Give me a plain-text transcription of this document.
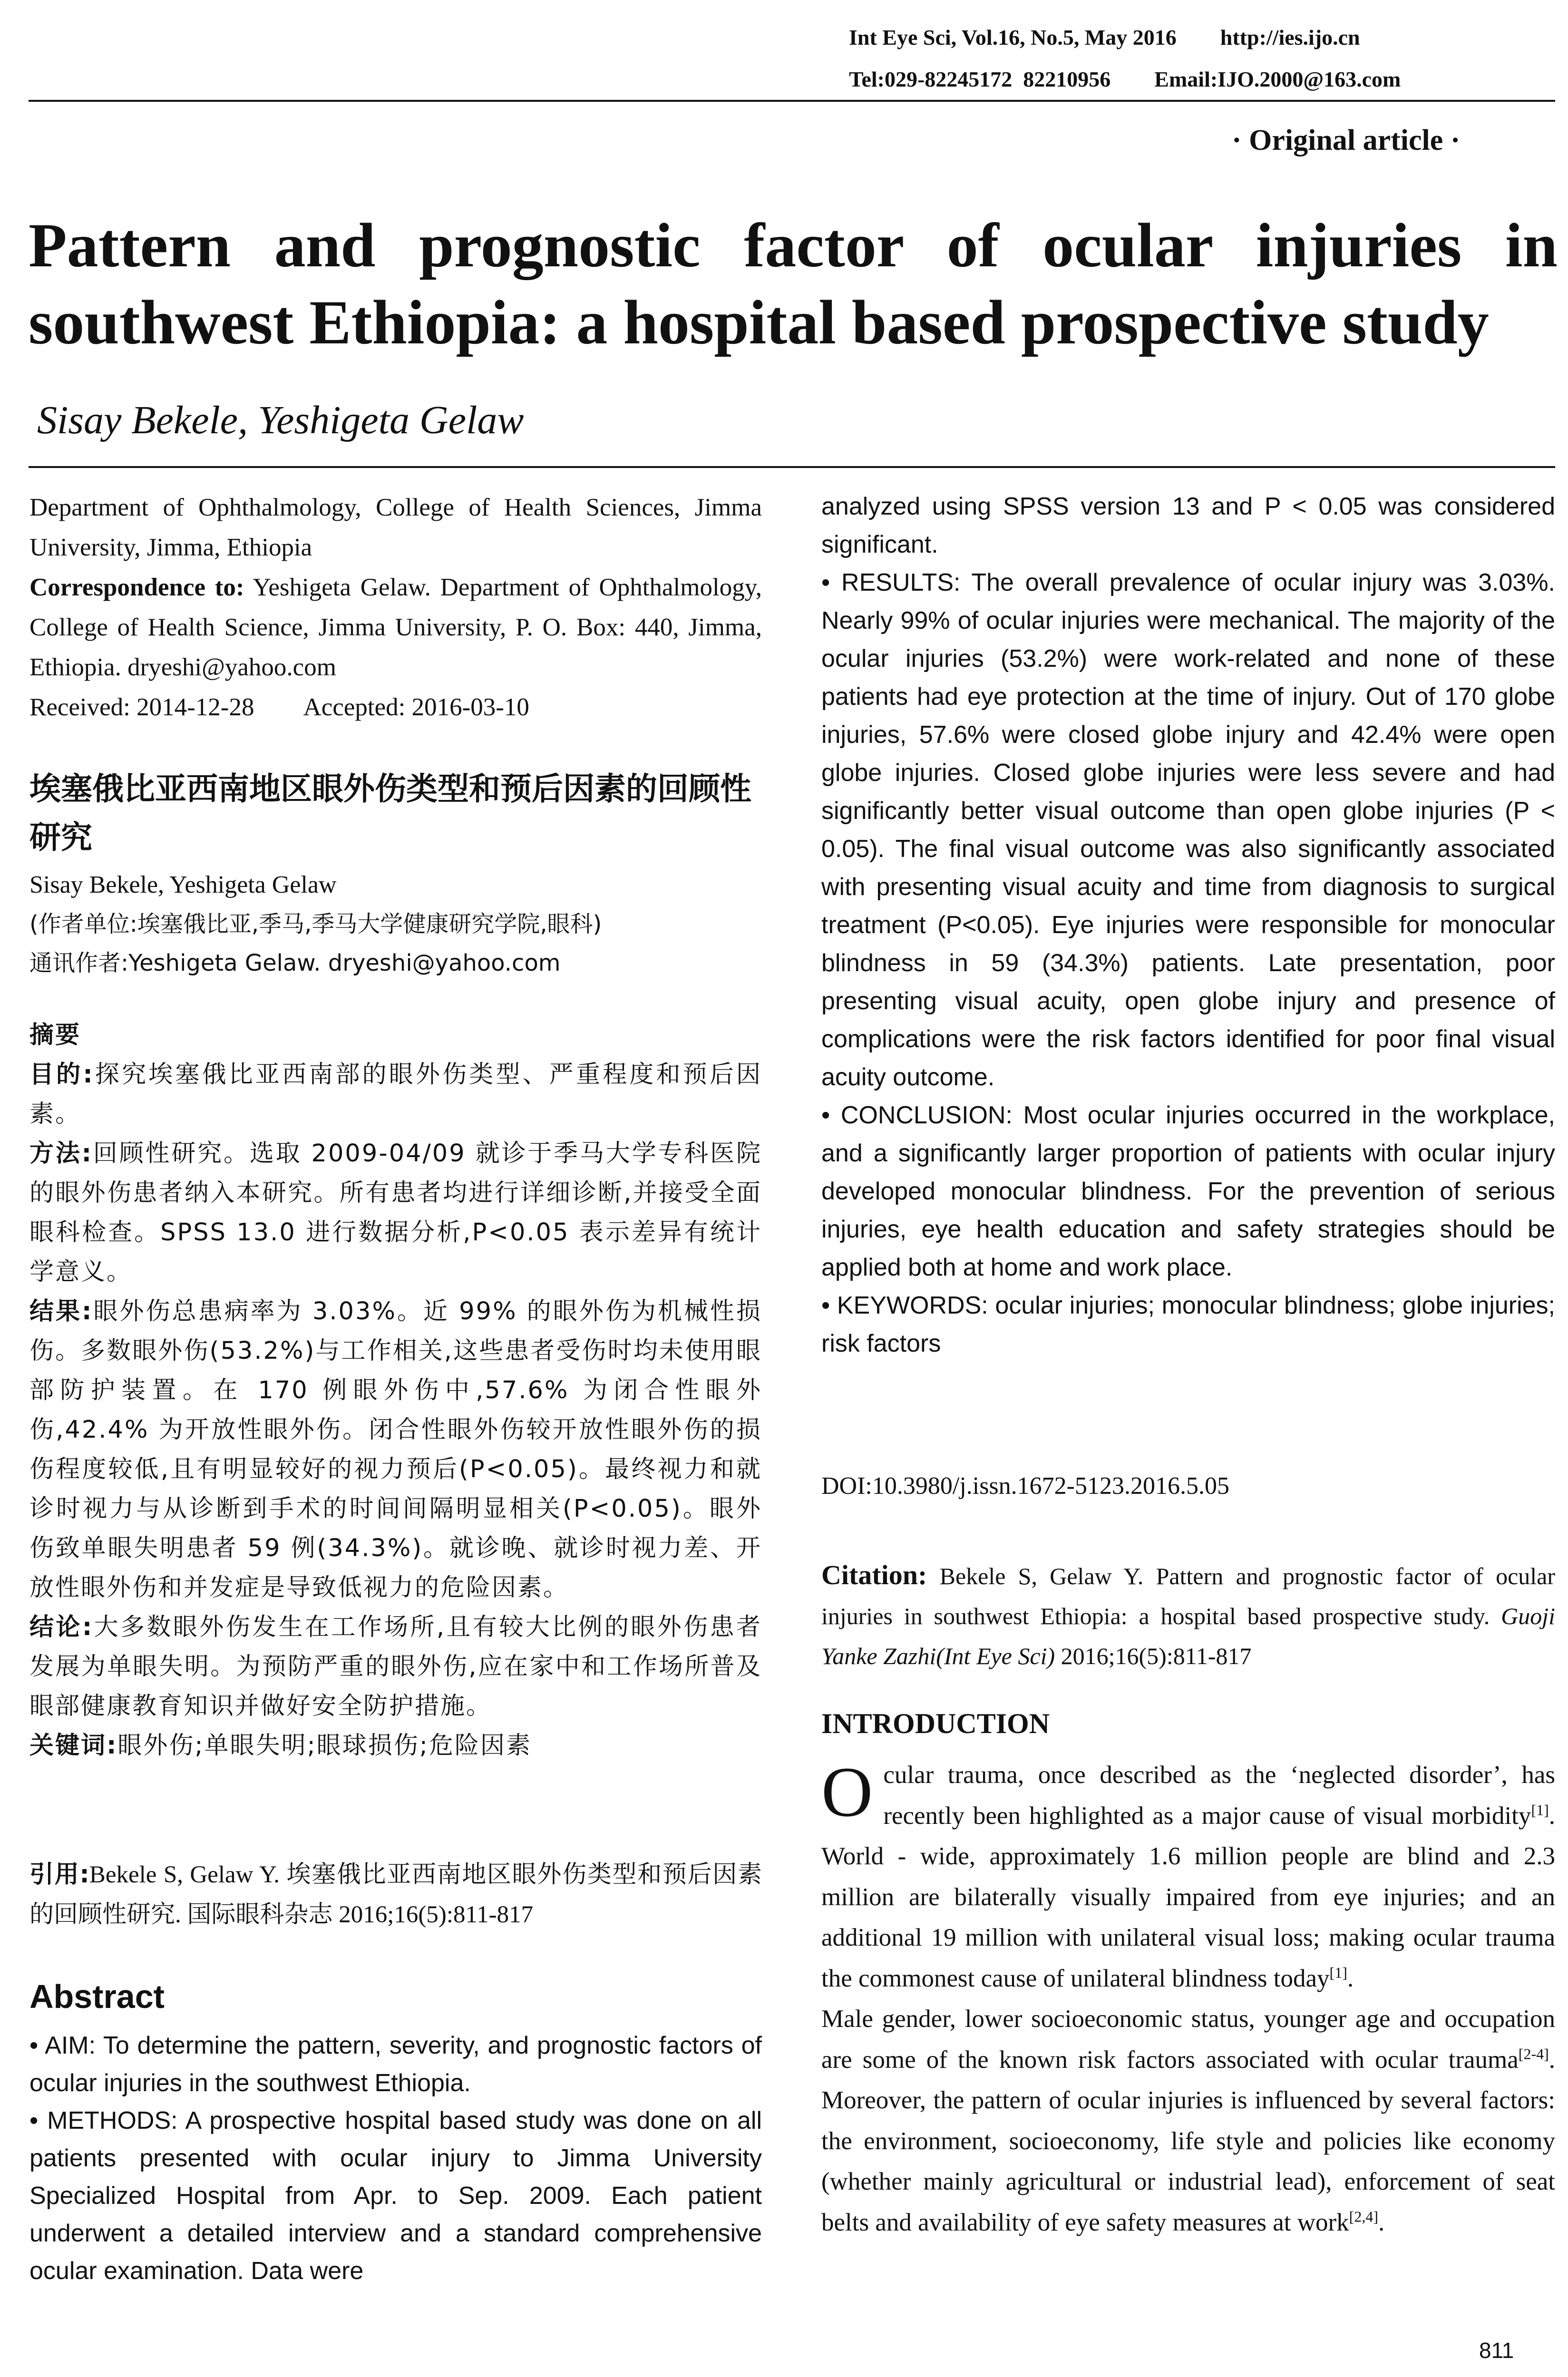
Int Eye Sci, Vol.16, No.5, May 2016        http://ies.ijo.cn
Tel:029-82245172  82210956        Email:IJO.2000@163.com
· Original article ·
Pattern and prognostic factor of ocular injuries in southwest Ethiopia: a hospital based prospective study
Sisay Bekele, Yeshigeta Gelaw

Department of Ophthalmology, College of Health Sciences, Jimma University, Jimma, Ethiopia

Correspondence to: Yeshigeta Gelaw. Department of Ophthalmology, College of Health Science, Jimma University, P. O. Box: 440, Jimma, Ethiopia. dryeshi@yahoo.com

Received: 2014-12-28        Accepted: 2016-03-10

埃塞俄比亚西南地区眼外伤类型和预后因素的回顾性研究

Sisay Bekele, Yeshigeta Gelaw

(作者单位:埃塞俄比亚,季马,季马大学健康研究学院,眼科)

通讯作者:Yeshigeta Gelaw. dryeshi@yahoo.com

摘要

目的:探究埃塞俄比亚西南部的眼外伤类型、严重程度和预后因素。

方法:回顾性研究。选取 2009-04/09 就诊于季马大学专科医院的眼外伤患者纳入本研究。所有患者均进行详细诊断,并接受全面眼科检查。SPSS 13.0 进行数据分析,P<0.05 表示差异有统计学意义。

结果:眼外伤总患病率为 3.03%。近 99% 的眼外伤为机械性损伤。多数眼外伤(53.2%)与工作相关,这些患者受伤时均未使用眼部防护装置。在 170 例眼外伤中,57.6% 为闭合性眼外伤,42.4% 为开放性眼外伤。闭合性眼外伤较开放性眼外伤的损伤程度较低,且有明显较好的视力预后(P<0.05)。最终视力和就诊时视力与从诊断到手术的时间间隔明显相关(P<0.05)。眼外伤致单眼失明患者 59 例(34.3%)。就诊晚、就诊时视力差、开放性眼外伤和并发症是导致低视力的危险因素。

结论:大多数眼外伤发生在工作场所,且有较大比例的眼外伤患者发展为单眼失明。为预防严重的眼外伤,应在家中和工作场所普及眼部健康教育知识并做好安全防护措施。

关键词:眼外伤;单眼失明;眼球损伤;危险因素

引用:Bekele S, Gelaw Y. 埃塞俄比亚西南地区眼外伤类型和预后因素的回顾性研究. 国际眼科杂志 2016;16(5):811-817
Abstract

• AIM: To determine the pattern, severity, and prognostic factors of ocular injuries in the southwest Ethiopia.

• METHODS: A prospective hospital based study was done on all patients presented with ocular injury to Jimma University Specialized Hospital from Apr. to Sep. 2009. Each patient underwent a detailed interview and a standard comprehensive ocular examination. Data were

analyzed using SPSS version 13 and P < 0.05 was considered significant.

• RESULTS: The overall prevalence of ocular injury was 3.03%. Nearly 99% of ocular injuries were mechanical. The majority of the ocular injuries (53.2%) were work-related and none of these patients had eye protection at the time of injury. Out of 170 globe injuries, 57.6% were closed globe injury and 42.4% were open globe injuries. Closed globe injuries were less severe and had significantly better visual outcome than open globe injuries (P < 0.05). The final visual outcome was also significantly associated with presenting visual acuity and time from diagnosis to surgical treatment (P<0.05). Eye injuries were responsible for monocular blindness in 59 (34.3%) patients. Late presentation, poor presenting visual acuity, open globe injury and presence of complications were the risk factors identified for poor final visual acuity outcome.

• CONCLUSION: Most ocular injuries occurred in the workplace, and a significantly larger proportion of patients with ocular injury developed monocular blindness. For the prevention of serious injuries, eye health education and safety strategies should be applied both at home and work place.

• KEYWORDS: ocular injuries; monocular blindness; globe injuries; risk factors

DOI:10.3980/j.issn.1672-5123.2016.5.05
Citation: Bekele S, Gelaw Y. Pattern and prognostic factor of ocular injuries in southwest Ethiopia: a hospital based prospective study. Guoji Yanke Zazhi(Int Eye Sci) 2016;16(5):811-817
INTRODUCTION

Ocular trauma, once described as the ‘neglected disorder’, has recently been highlighted as a major cause of visual morbidity[1]. World - wide, approximately 1.6 million people are blind and 2.3 million are bilaterally visually impaired from eye injuries; and an additional 19 million with unilateral visual loss; making ocular trauma the commonest cause of unilateral blindness today[1].

Male gender, lower socioeconomic status, younger age and occupation are some of the known risk factors associated with ocular trauma[2-4]. Moreover, the pattern of ocular injuries is influenced by several factors: the environment, socioeconomy, life style and policies like economy (whether mainly agricultural or industrial lead), enforcement of seat belts and availability of eye safety measures at work[2,4].

811
